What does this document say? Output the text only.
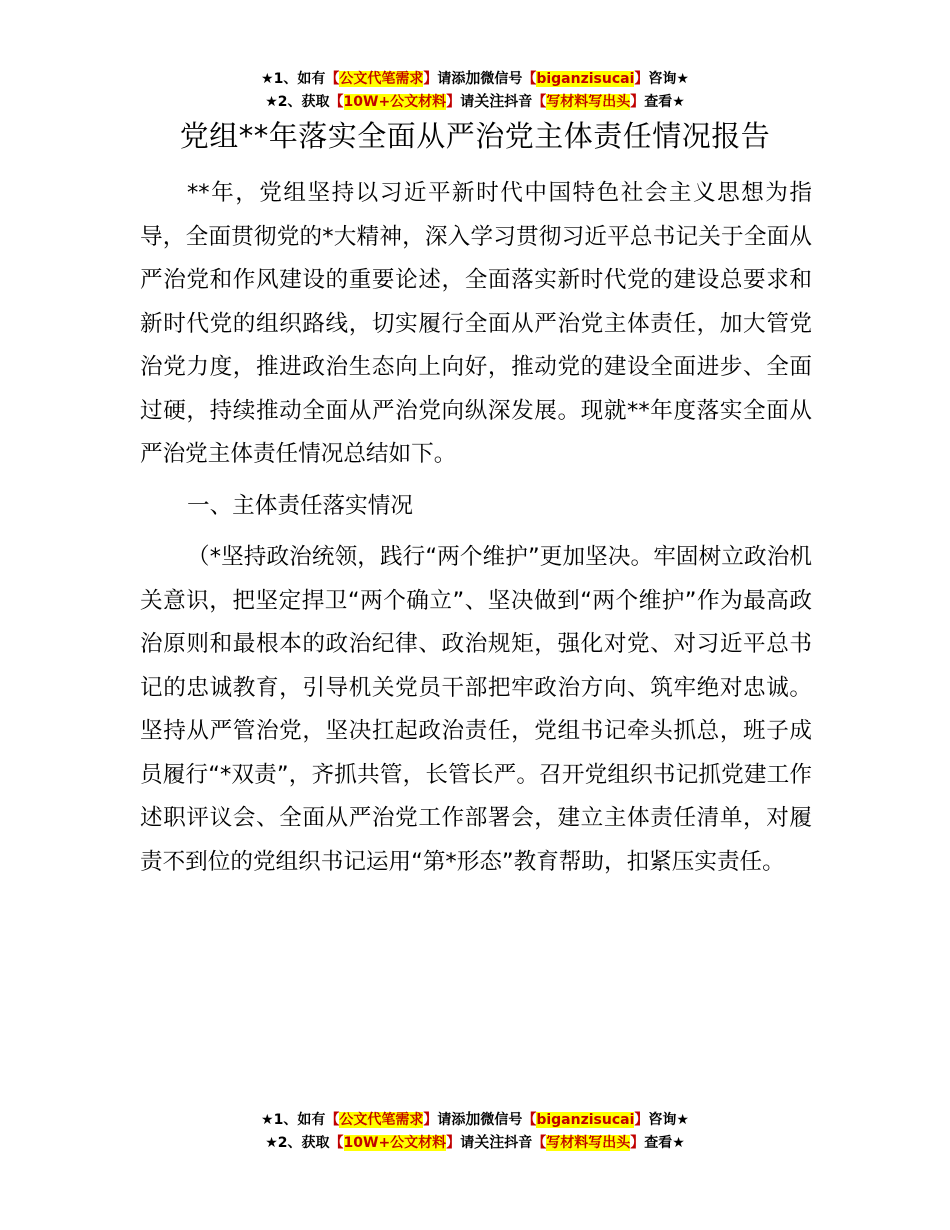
★1、如有【公文代笔需求】请添加微信号【biganzisucai】咨询★
★2、获取【10W+公文材料】请关注抖音【写材料写出头】查看★
党组**年落实全面从严治党主体责任情况报告

**年，党组坚持以习近平新时代中国特色社会主义思想为指导，全面贯彻党的*大精神，深入学习贯彻习近平总书记关于全面从严治党和作风建设的重要论述，全面落实新时代党的建设总要求和新时代党的组织路线，切实履行全面从严治党主体责任，加大管党治党力度，推进政治生态向上向好，推动党的建设全面进步、全面过硬，持续推动全面从严治党向纵深发展。现就**年度落实全面从严治党主体责任情况总结如下。

一、主体责任落实情况

（*坚持政治统领，践行“两个维护”更加坚决。牢固树立政治机关意识，把坚定捍卫“两个确立”、坚决做到“两个维护”作为最高政治原则和最根本的政治纪律、政治规矩，强化对党、对习近平总书记的忠诚教育，引导机关党员干部把牢政治方向、筑牢绝对忠诚。坚持从严管治党，坚决扛起政治责任，党组书记牵头抓总，班子成员履行“*双责”，齐抓共管，长管长严。召开党组织书记抓党建工作述职评议会、全面从严治党工作部署会，建立主体责任清单，对履责不到位的党组织书记运用“第*形态”教育帮助，扣紧压实责任。

★1、如有【公文代笔需求】请添加微信号【biganzisucai】咨询★
★2、获取【10W+公文材料】请关注抖音【写材料写出头】查看★
